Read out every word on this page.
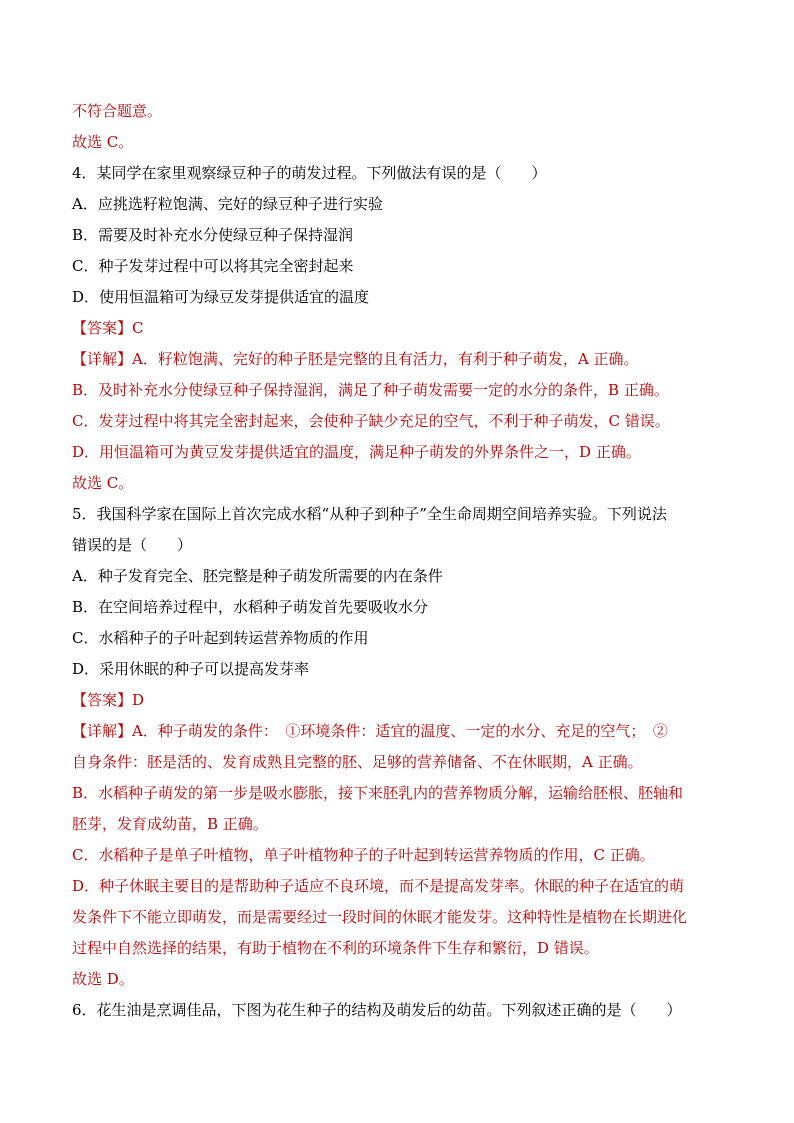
不符合题意。
故选 C。
4．某同学在家里观察绿豆种子的萌发过程。下列做法有误的是（　　）
A．应挑选籽粒饱满、完好的绿豆种子进行实验
B．需要及时补充水分使绿豆种子保持湿润
C．种子发芽过程中可以将其完全密封起来
D．使用恒温箱可为绿豆发芽提供适宜的温度
【答案】C
【详解】A．籽粒饱满、完好的种子胚是完整的且有活力，有利于种子萌发，A 正确。
B．及时补充水分使绿豆种子保持湿润，满足了种子萌发需要一定的水分的条件，B 正确。
C．发芽过程中将其完全密封起来，会使种子缺少充足的空气，不利于种子萌发，C 错误。
D．用恒温箱可为黄豆发芽提供适宜的温度，满足种子萌发的外界条件之一，D 正确。
故选 C。
5．我国科学家在国际上首次完成水稻“从种子到种子”全生命周期空间培养实验。下列说法
错误的是（　　）
A．种子发育完全、胚完整是种子萌发所需要的内在条件
B．在空间培养过程中，水稻种子萌发首先要吸收水分
C．水稻种子的子叶起到转运营养物质的作用
D．采用休眠的种子可以提高发芽率
【答案】D
【详解】A．种子萌发的条件：　①环境条件：适宜的温度、一定的水分、充足的空气；　②
自身条件：胚是活的、发育成熟且完整的胚、足够的营养储备、不在休眠期，A 正确。
B．水稻种子萌发的第一步是吸水膨胀，接下来胚乳内的营养物质分解，运输给胚根、胚轴和
胚芽，发育成幼苗，B 正确。
C．水稻种子是单子叶植物，单子叶植物种子的子叶起到转运营养物质的作用，C 正确。
D．种子休眠主要目的是帮助种子适应不良环境，而不是提高发芽率。休眠的种子在适宜的萌
发条件下不能立即萌发，而是需要经过一段时间的休眠才能发芽。这种特性是植物在长期进化
过程中自然选择的结果，有助于植物在不利的环境条件下生存和繁衍，D 错误。
故选 D。
6．花生油是烹调佳品，下图为花生种子的结构及萌发后的幼苗。下列叙述正确的是（　　）
